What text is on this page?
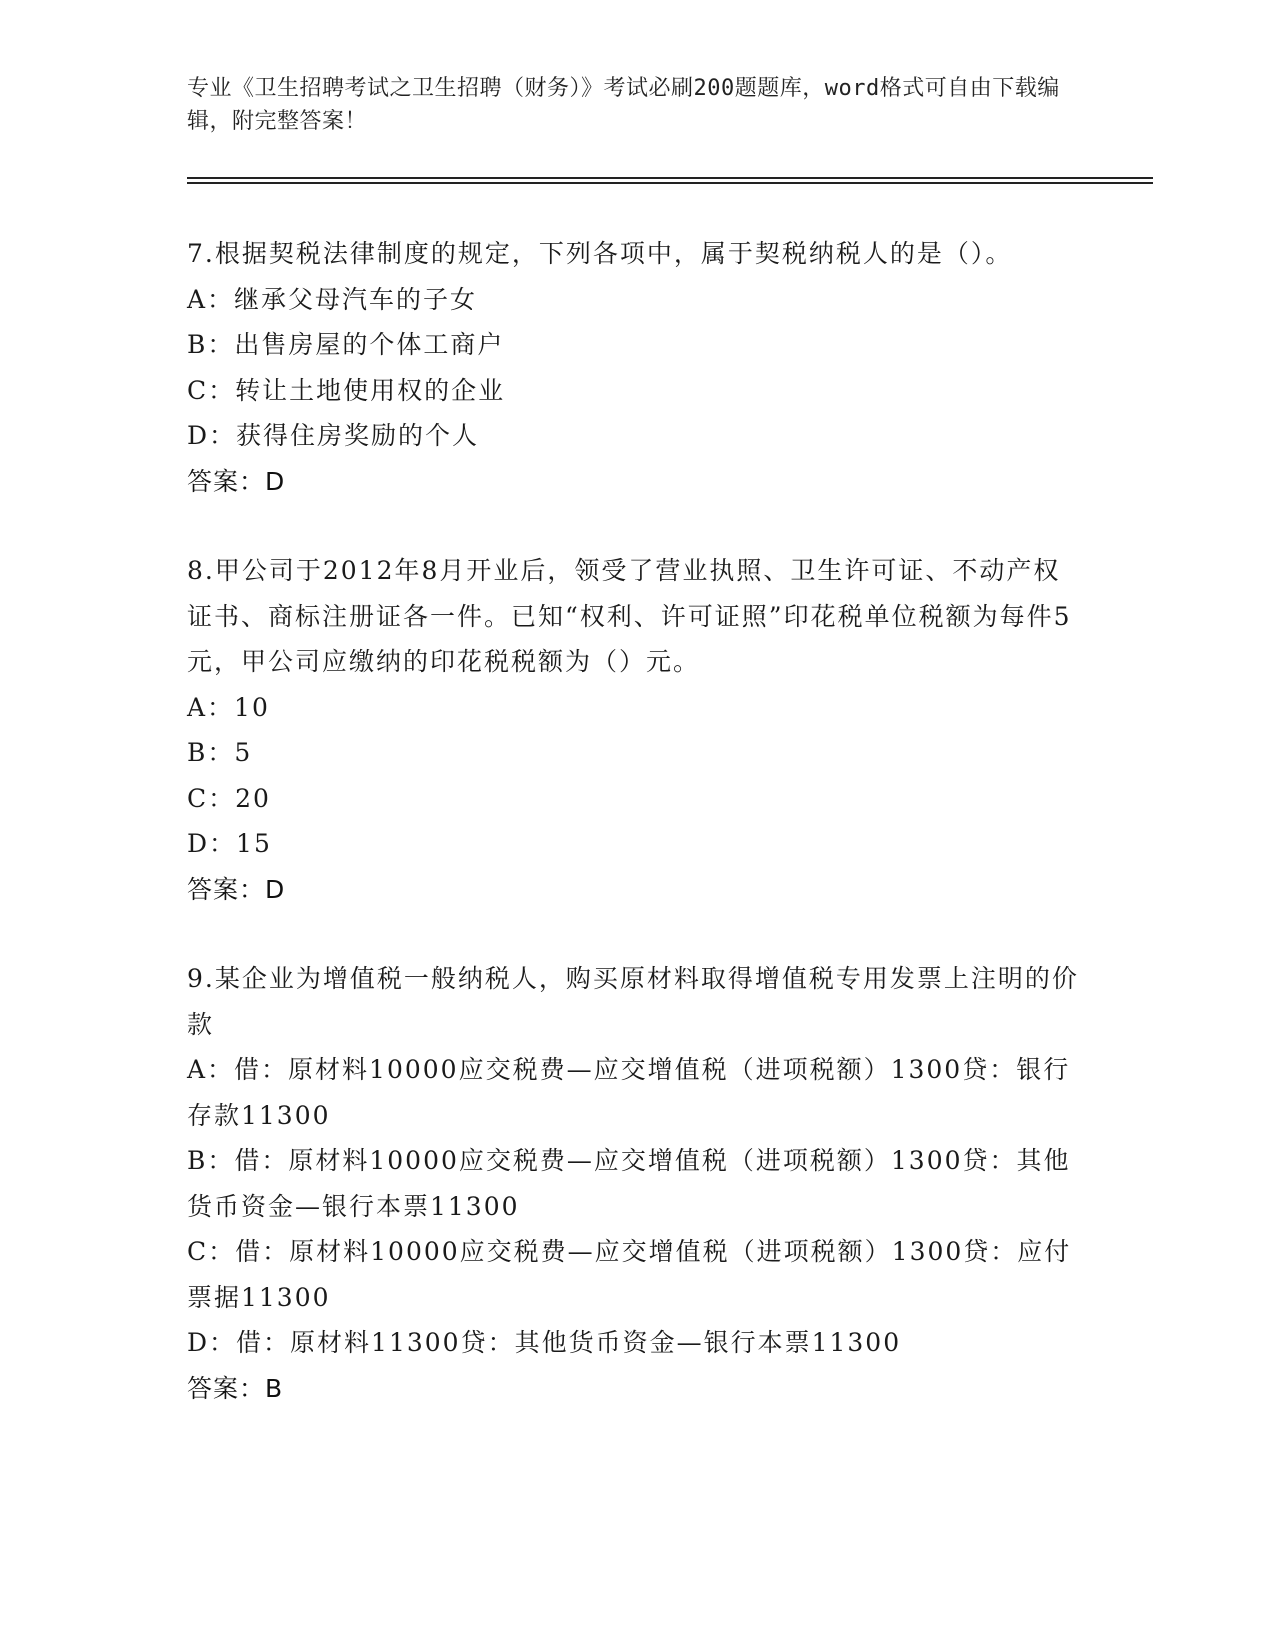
专业《卫生招聘考试之卫生招聘（财务）》考试必刷200题题库，word格式可自由下载编辑，附完整答案！

7.根据契税法律制度的规定，下列各项中，属于契税纳税人的是（）。

A：继承父母汽车的子女

B：出售房屋的个体工商户

C：转让土地使用权的企业

D：获得住房奖励的个人

答案：D

8.甲公司于2012年8月开业后，领受了营业执照、卫生许可证、不动产权证书、商标注册证各一件。已知“权利、许可证照”印花税单位税额为每件5元，甲公司应缴纳的印花税税额为（）元。

A：10

B：5

C：20

D：15

答案：D

9.某企业为增值税一般纳税人，购买原材料取得增值税专用发票上注明的价款

A：借：原材料10000应交税费—应交增值税（进项税额）1300贷：银行存款11300

B：借：原材料10000应交税费—应交增值税（进项税额）1300贷：其他货币资金—银行本票11300

C：借：原材料10000应交税费—应交增值税（进项税额）1300贷：应付票据11300

D：借：原材料11300贷：其他货币资金—银行本票11300

答案：B
